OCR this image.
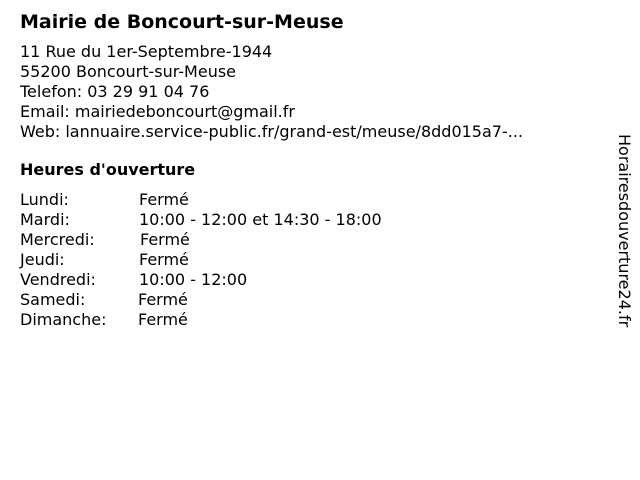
Mairie de Boncourt-sur-Meuse
11 Rue du 1er-Septembre-1944
55200 Boncourt-sur-Meuse
Telefon: 03 29 91 04 76
Email: mairiedeboncourt@gmail.fr
Web: lannuaire.service-public.fr/grand-est/meuse/8dd015a7-...
Heures d'ouverture
Lundi:	Fermé
Mardi:	10:00 - 12:00 et 14:30 - 18:00
Mercredi:	Fermé
Jeudi:	Fermé
Vendredi:	10:00 - 12:00
Samedi:	Fermé
Dimanche:	Fermé	Horairesdouverture24.fr
